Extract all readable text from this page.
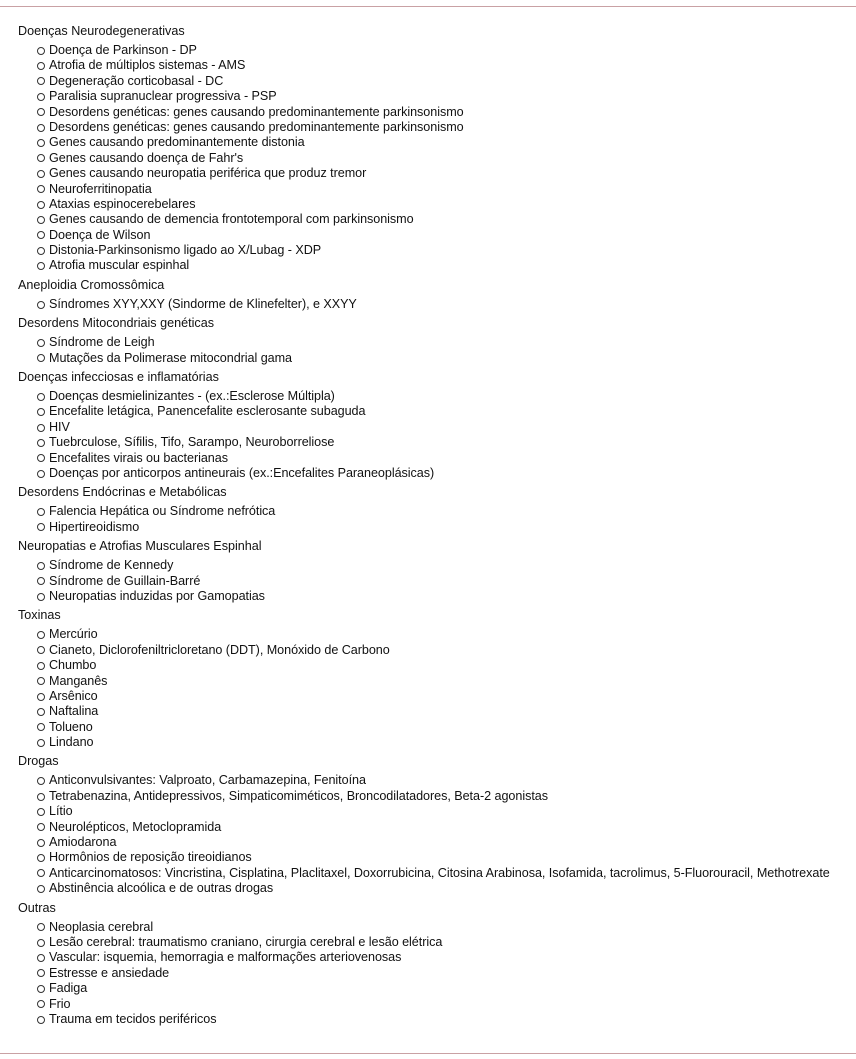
Doenças Neurodegenerativas
Doença de Parkinson - DP
Atrofia de múltiplos sistemas - AMS
Degeneração corticobasal - DC
Paralisia supranuclear progressiva - PSP
Desordens genéticas: genes causando predominantemente parkinsonismo
Desordens genéticas: genes causando predominantemente parkinsonismo
Genes causando predominantemente distonia
Genes causando doença de Fahr's
Genes causando neuropatia periférica que produz tremor
Neuroferritinopatia
Ataxias espinocerebelares
Genes causando de demencia frontotemporal com parkinsonismo
Doença de Wilson
Distonia-Parkinsonismo ligado ao X/Lubag - XDP
Atrofia muscular espinhal
Aneploidia Cromossômica
Síndromes XYY,XXY (Sindorme de Klinefelter), e XXYY
Desordens Mitocondriais genéticas
Síndrome de Leigh
Mutações da Polimerase mitocondrial gama
Doenças infecciosas e inflamatórias
Doenças desmielinizantes - (ex.:Esclerose Múltipla)
Encefalite letágica, Panencefalite esclerosante subaguda
HIV
Tuebrculose, Sífilis, Tifo, Sarampo, Neuroborreliose
Encefalites virais ou bacterianas
Doenças por anticorpos antineurais (ex.:Encefalites Paraneoplásicas)
Desordens Endócrinas e Metabólicas
Falencia Hepática ou Síndrome nefrótica
Hipertireoidismo
Neuropatias e Atrofias Musculares Espinhal
Síndrome de Kennedy
Síndrome de Guillain-Barré
Neuropatias induzidas por Gamopatias
Toxinas
Mercúrio
Cianeto, Diclorofeniltricloretano (DDT), Monóxido de Carbono
Chumbo
Manganês
Arsênico
Naftalina
Tolueno
Lindano
Drogas
Anticonvulsivantes: Valproato, Carbamazepina, Fenitoína
Tetrabenazina, Antidepressivos, Simpaticomiméticos, Broncodilatadores, Beta-2 agonistas
Lítio
Neurolépticos, Metoclopramida
Amiodarona
Hormônios de reposição tireoidianos
Anticarcinomatosos: Vincristina, Cisplatina, Placlitaxel, Doxorrubicina, Citosina Arabinosa, Isofamida, tacrolimus, 5-Fluorouracil, Methotrexate
Abstinência alcoólica e de outras drogas
Outras
Neoplasia cerebral
Lesão cerebral: traumatismo craniano, cirurgia cerebral e lesão elétrica
Vascular: isquemia, hemorragia e malformações arteriovenosas
Estresse e ansiedade
Fadiga
Frio
Trauma em tecidos periféricos
